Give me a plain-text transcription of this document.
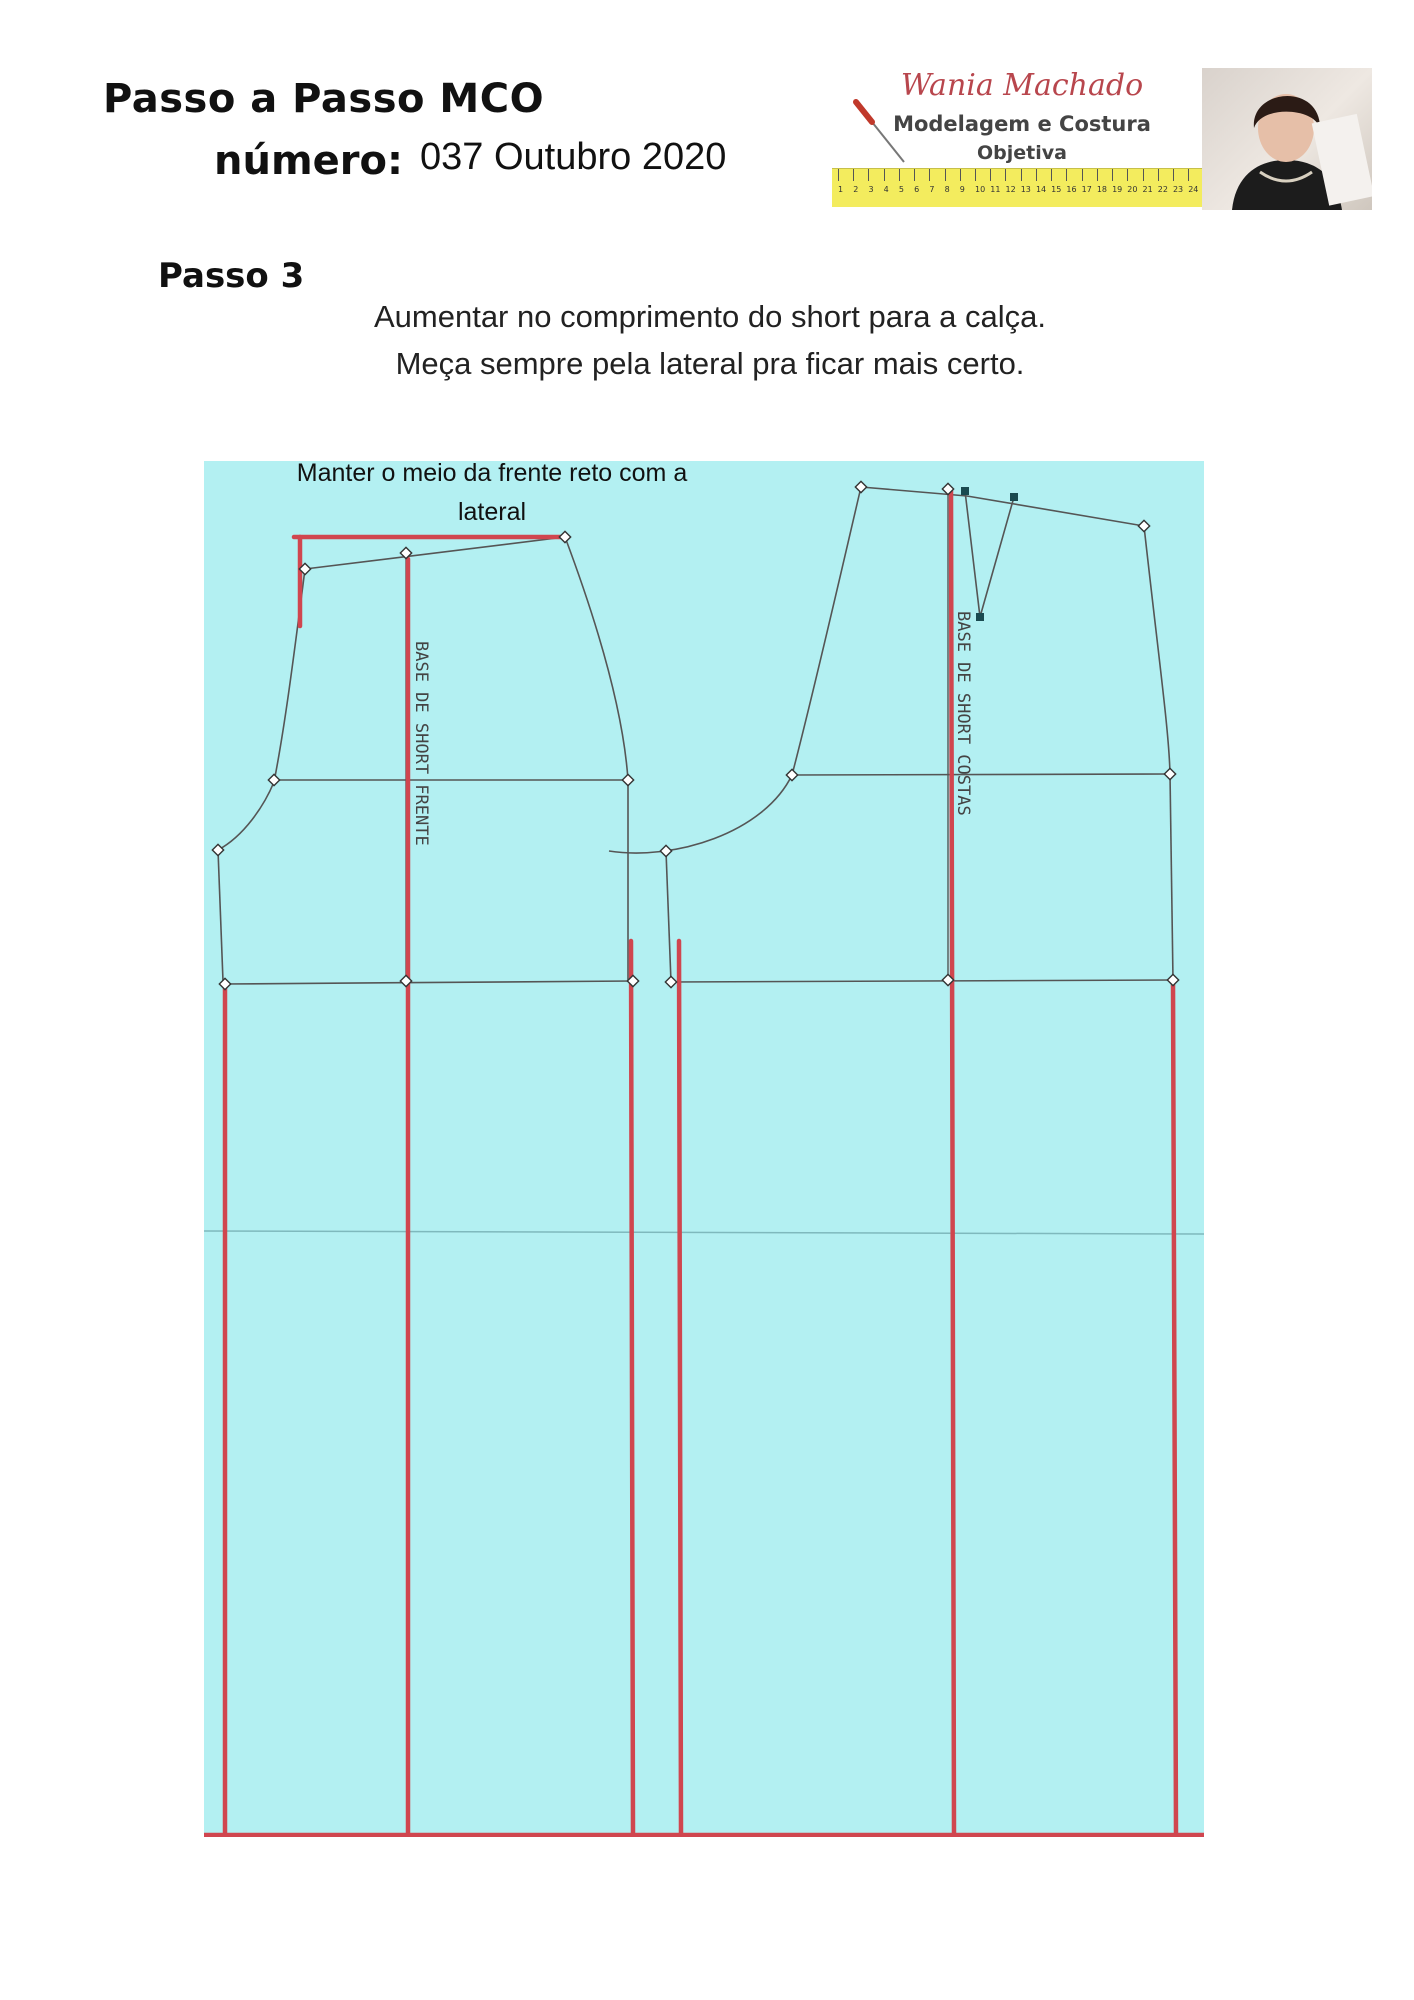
Passo a Passo MCO
número: 037 Outubro 2020
Wania Machado
Modelagem e Costura
Objetiva
1 2 3 4 5 6 7 8 9 10 11 12 13 14 15 16 17 18 19 20 21 22 23 24
Passo 3
Aumentar no comprimento do short para a calça.
Meça sempre pela lateral pra ficar mais certo.
BASE DE SHORT FRENTE	BASE DE SHORT COSTAS
Manter o meio da frente reto com a lateral
